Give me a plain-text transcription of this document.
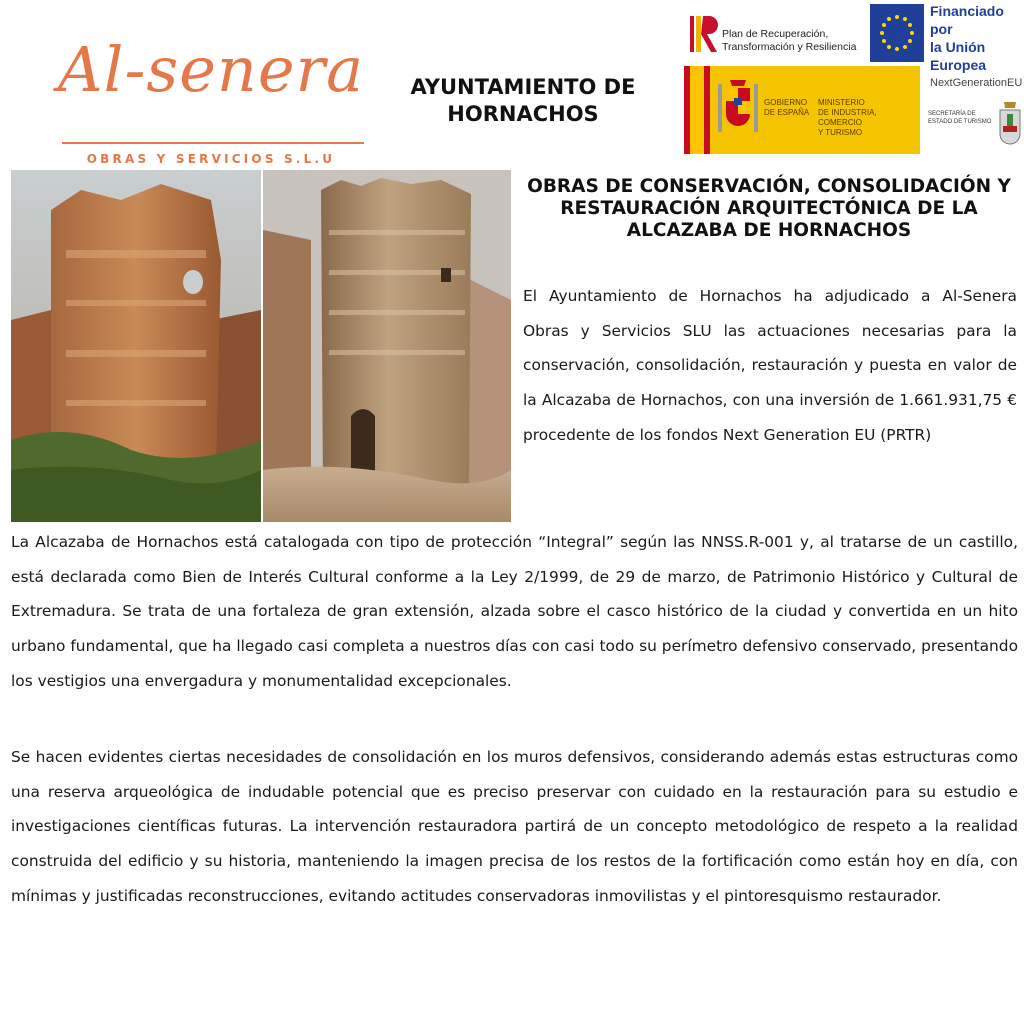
Al-senera
OBRAS Y SERVICIOS S.L.U
AYUNTAMIENTO DE HORNACHOS
Plan de Recuperación,
Transformación y Resiliencia
Financiado por
la Unión Europea
NextGenerationEU
GOBIERNO
DE ESPAÑA
MINISTERIO
DE INDUSTRIA, COMERCIO
Y TURISMO
SECRETARÍA DE ESTADO DE TURISMO
OBRAS DE CONSERVACIÓN, CONSOLIDACIÓN Y RESTAURACIÓN ARQUITECTÓNICA DE LA ALCAZABA DE HORNACHOS

El Ayuntamiento de Hornachos ha adjudicado a Al-Senera Obras y Servicios SLU las actuaciones necesarias para la conservación, consolidación, restauración y puesta en valor de la Alcazaba de Hornachos, con una inversión de 1.661.931,75 € procedente de los fondos Next Generation EU (PRTR)

La Alcazaba de Hornachos está catalogada con tipo de protección “Integral” según las NNSS.R-001 y, al tratarse de un castillo, está declarada como Bien de Interés Cultural conforme a la Ley 2/1999, de 29 de marzo, de Patrimonio Histórico y Cultural de Extremadura. Se trata de una fortaleza de gran extensión, alzada sobre el casco histórico de la ciudad y convertida en un hito urbano fundamental, que ha llegado casi completa a nuestros días con casi todo su perímetro defensivo conservado, presentando los vestigios una envergadura y monumentalidad excepcionales.

Se hacen evidentes ciertas necesidades de consolidación en los muros defensivos, considerando además estas estructuras como una reserva arqueológica de indudable potencial que es preciso preservar con cuidado en la restauración para su estudio e investigaciones científicas futuras. La intervención restauradora partirá de un concepto metodológico de respeto a la realidad construida del edificio y su historia, manteniendo la imagen precisa de los restos de la fortificación como están hoy en día, con mínimas y justificadas reconstrucciones, evitando actitudes conservadoras inmovilistas y el pintoresquismo restaurador.
